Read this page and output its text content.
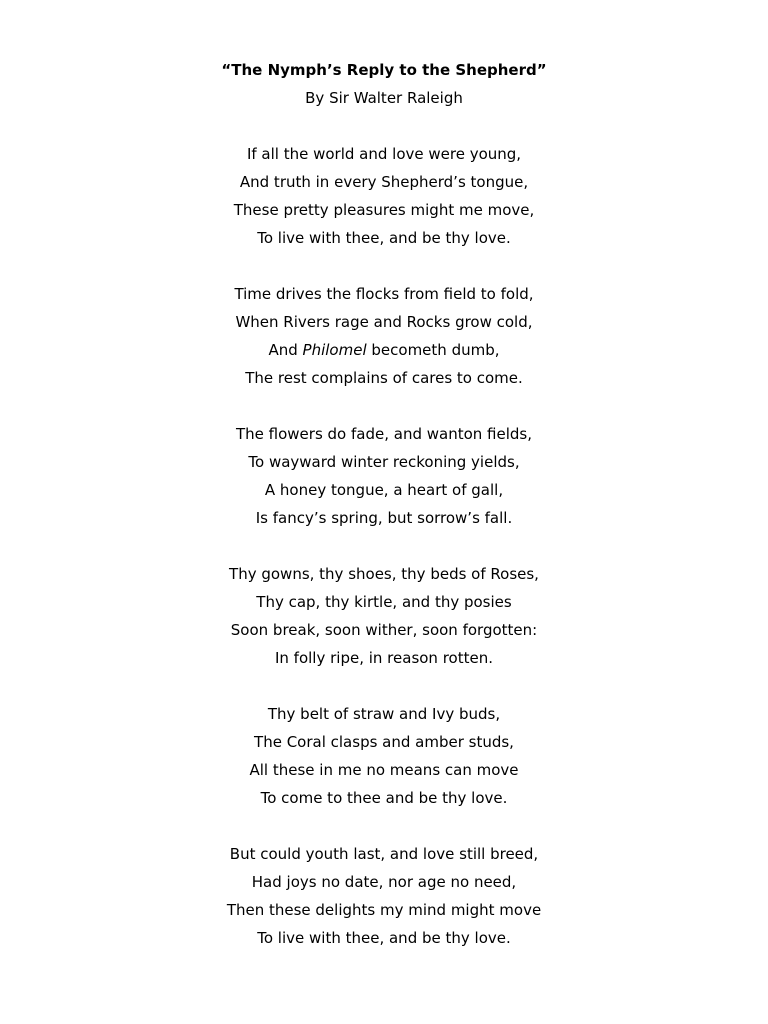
“The Nymph’s Reply to the Shepherd”
By Sir Walter Raleigh
If all the world and love were young,
And truth in every Shepherd’s tongue,
These pretty pleasures might me move,
To live with thee, and be thy love.
Time drives the flocks from field to fold,
When Rivers rage and Rocks grow cold,
And Philomel becometh dumb,
The rest complains of cares to come.
The flowers do fade, and wanton fields,
To wayward winter reckoning yields,
A honey tongue, a heart of gall,
Is fancy’s spring, but sorrow’s fall.
Thy gowns, thy shoes, thy beds of Roses,
Thy cap, thy kirtle, and thy posies
Soon break, soon wither, soon forgotten:
In folly ripe, in reason rotten.
Thy belt of straw and Ivy buds,
The Coral clasps and amber studs,
All these in me no means can move
To come to thee and be thy love.
But could youth last, and love still breed,
Had joys no date, nor age no need,
Then these delights my mind might move
To live with thee, and be thy love.
